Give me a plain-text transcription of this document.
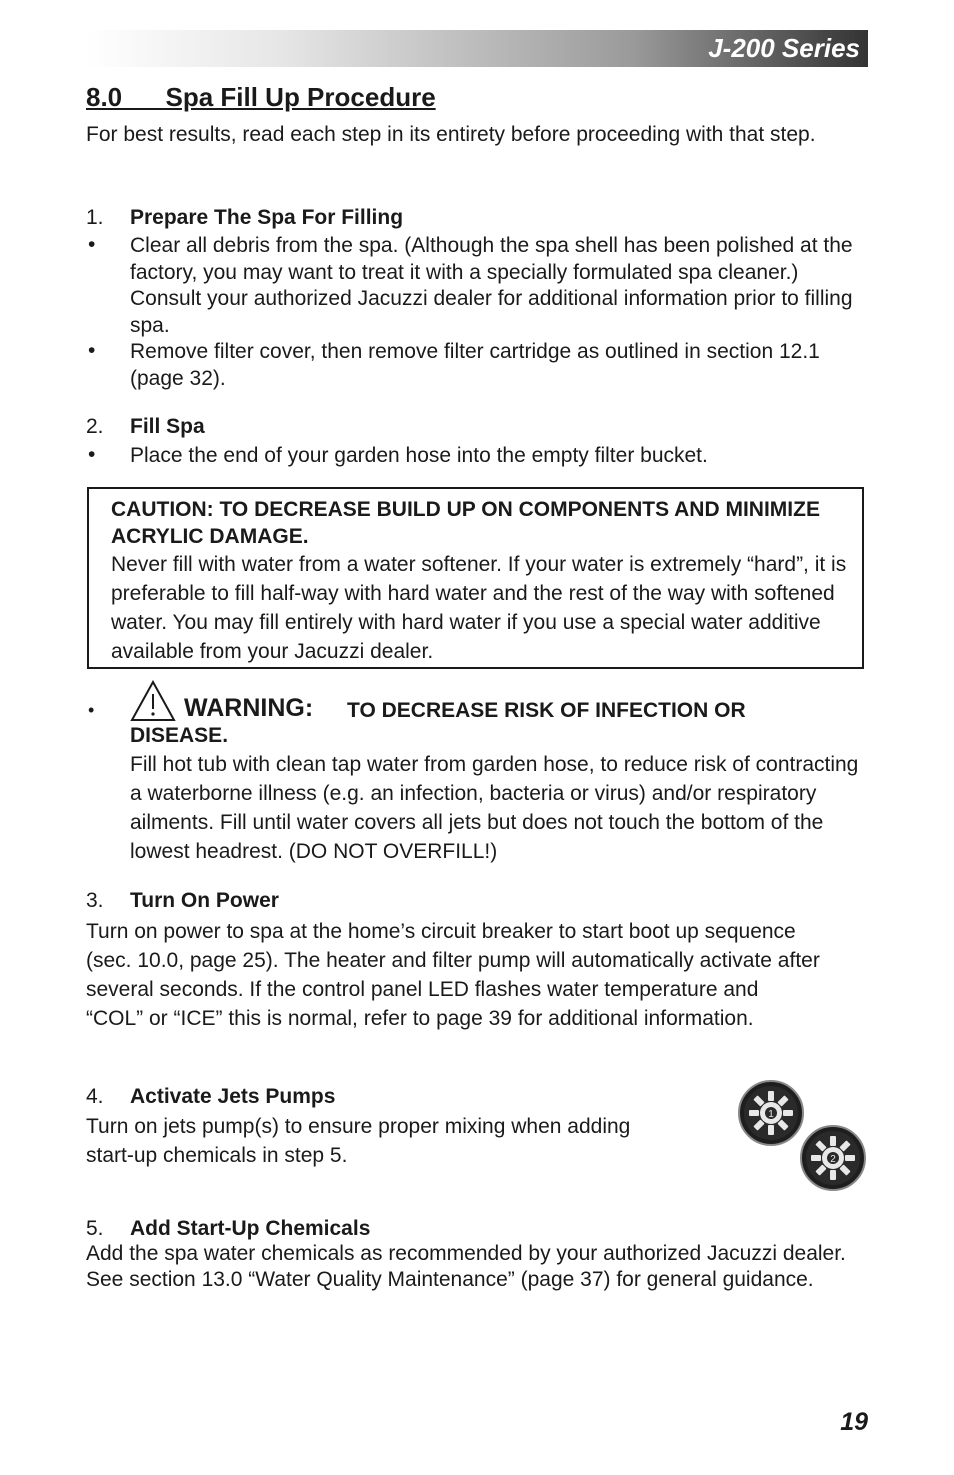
J-200 Series
8.0      Spa Fill Up Procedure
For best results, read each step in its entirety before proceeding with that step.
1. Prepare The Spa For Filling
• Clear all debris from the spa. (Although the spa shell has been polished at the factory, you may want to treat it with a specially formulated spa cleaner.) Consult your authorized Jacuzzi dealer for additional information prior to filling spa.
• Remove filter cover, then remove filter cartridge as outlined in section 12.1 (page 32).
2. Fill Spa
• Place the end of your garden hose into the empty filter bucket.
CAUTION: TO DECREASE BUILD UP ON COMPONENTS AND MINIMIZE ACRYLIC DAMAGE.
Never fill with water from a water softener. If your water is extremely “hard”, it is preferable to fill half-way with hard water and the rest of the way with softened water. You may fill entirely with hard water if you use a special water additive available from your Jacuzzi dealer.
•	WARNING: TO DECREASE RISK OF INFECTION OR
DISEASE.
Fill hot tub with clean tap water from garden hose, to reduce risk of contracting a waterborne illness (e.g. an infection, bacteria or virus) and/or respiratory ailments. Fill until water covers all jets but does not touch the bottom of the lowest headrest. (DO NOT OVERFILL!)
3. Turn On Power
Turn on power to spa at the home’s circuit breaker to start boot up sequence (sec. 10.0, page 25). The heater and filter pump will automatically activate after several seconds. If the control panel LED flashes water temperature and “COL” or “ICE” this is normal, refer to page 39 for additional information.
4. Activate Jets Pumps
Turn on jets pump(s) to ensure proper mixing when adding start-up chemicals in step 5.
1
2
5. Add Start-Up Chemicals
Add the spa water chemicals as recommended by your authorized Jacuzzi dealer. See section 13.0 “Water Quality Maintenance” (page 37) for general guidance.
19
